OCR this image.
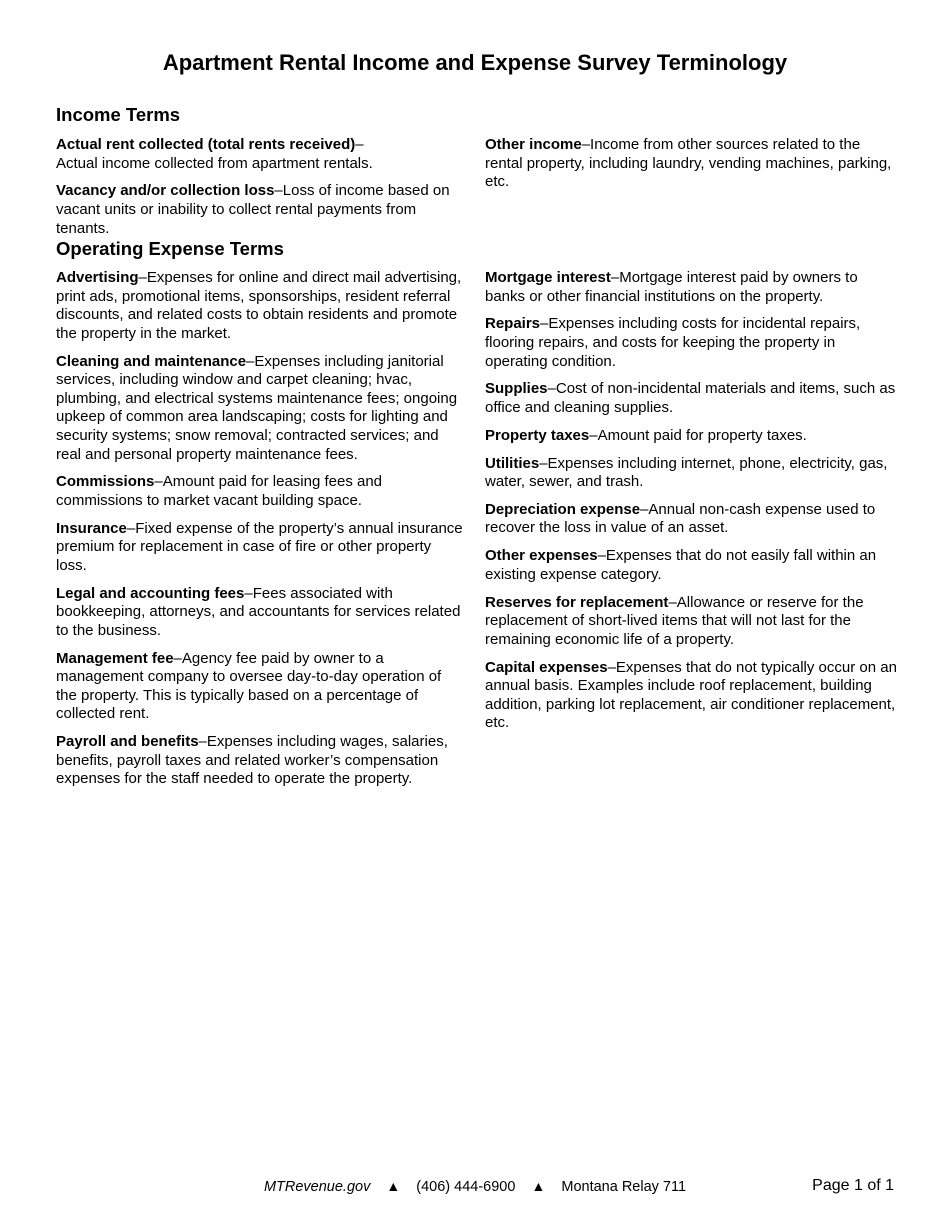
Apartment Rental Income and Expense Survey Terminology
Income Terms

Actual rent collected (total rents received)–
Actual income collected from apartment rentals.

Vacancy and/or collection loss–Loss of income based on vacant units or inability to collect rental payments from tenants.

Other income–Income from other sources related to the rental property, including laundry, vending machines, parking, etc.

Operating Expense Terms

Advertising–Expenses for online and direct mail advertising, print ads, promotional items, sponsorships, resident referral discounts, and related costs to obtain residents and promote the property in the market.

Cleaning and maintenance–Expenses including janitorial services, including window and carpet cleaning; hvac, plumbing, and electrical systems maintenance fees; ongoing upkeep of common area landscaping; costs for lighting and security systems; snow removal; contracted services; and real and personal property maintenance fees.

Commissions–Amount paid for leasing fees and commissions to market vacant building space.

Insurance–Fixed expense of the property’s annual insurance premium for replacement in case of fire or other property loss.

Legal and accounting fees–Fees associated with bookkeeping, attorneys, and accountants for services related to the business.

Management fee–Agency fee paid by owner to a management company to oversee day-to-day operation of the property. This is typically based on a percentage of collected rent.

Payroll and benefits–Expenses including wages, salaries, benefits, payroll taxes and related worker’s compensation expenses for the staff needed to operate the property.

Mortgage interest–Mortgage interest paid by owners to banks or other financial institutions on the property.

Repairs–Expenses including costs for incidental repairs, flooring repairs, and costs for keeping the property in operating condition.

Supplies–Cost of non-incidental materials and items, such as office and cleaning supplies.

Property taxes–Amount paid for property taxes.

Utilities–Expenses including internet, phone, electricity, gas, water, sewer, and trash.

Depreciation expense–Annual non-cash expense used to recover the loss in value of an asset.

Other expenses–Expenses that do not easily fall within an existing expense category.

Reserves for replacement–Allowance or reserve for the replacement of short-lived items that will not last for the remaining economic life of a property.

Capital expenses–Expenses that do not typically occur on an annual basis. Examples include roof replacement, building addition, parking lot replacement, air conditioner replacement, etc.

MTRevenue.gov ▲ (406) 444-6900 ▲ Montana Relay 711	Page 1 of 1
